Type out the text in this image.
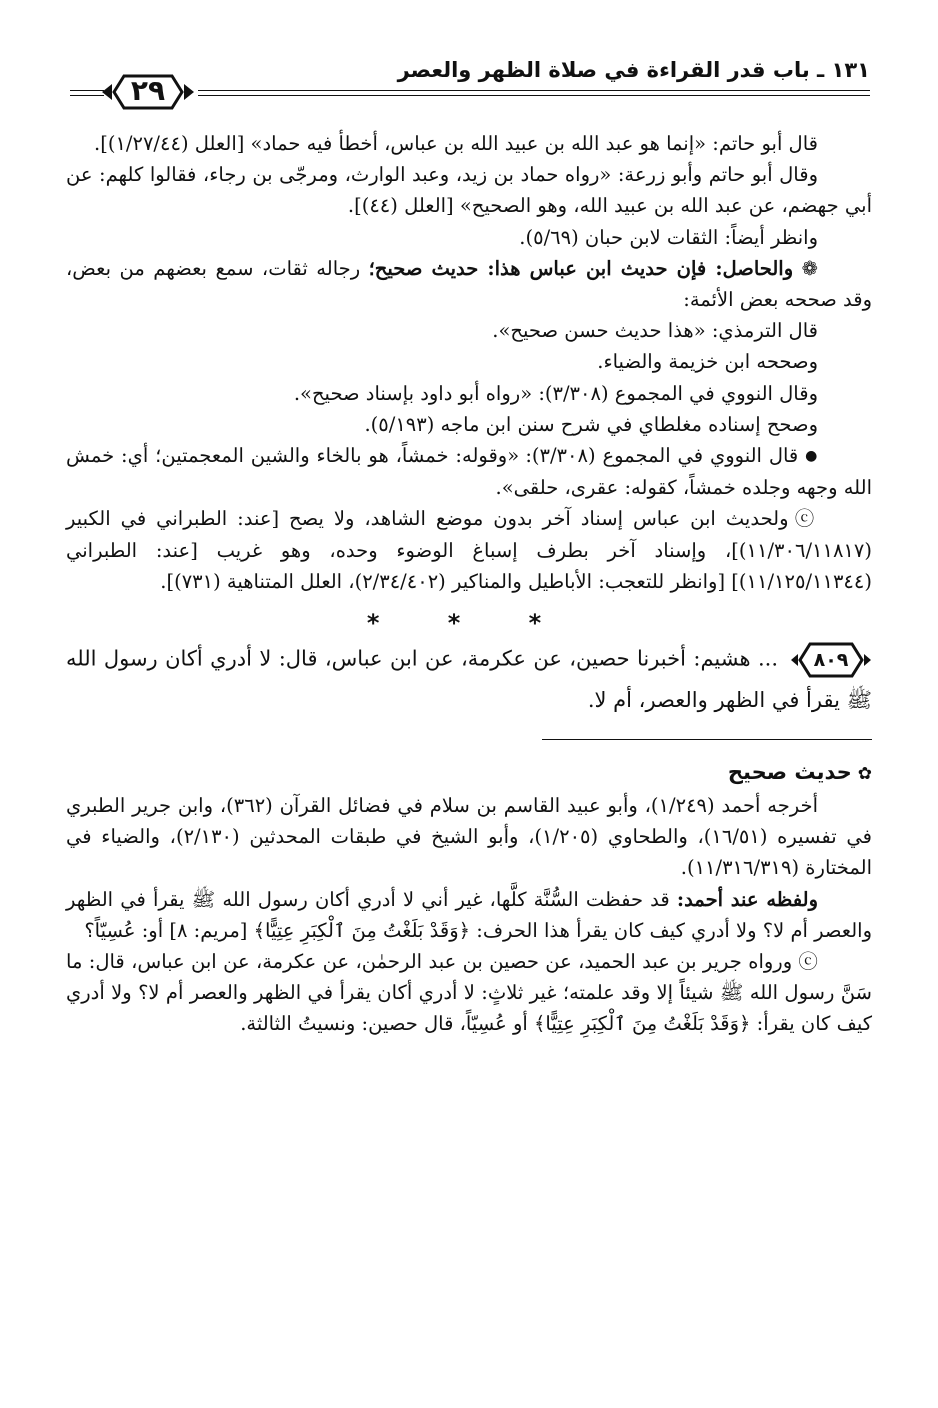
١٣١ ـ باب قدر القراءة في صلاة الظهر والعصر
٢٩

قال أبو حاتم: «إنما هو عبد الله بن عبيد الله بن عباس، أخطأ فيه حماد» [العلل (١/٢٧/٤٤)].

وقال أبو حاتم وأبو زرعة: «رواه حماد بن زيد، وعبد الوارث، ومرجّى بن رجاء، فقالوا كلهم: عن أبي جهضم، عن عبد الله بن عبيد الله، وهو الصحيح» [العلل (٤٤)].

وانظر أيضاً: الثقات لابن حبان (٥/٦٩).

❁ والحاصل: فإن حديث ابن عباس هذا: حديث صحيح؛ رجاله ثقات، سمع بعضهم من بعض، وقد صححه بعض الأئمة:

قال الترمذي: «هذا حديث حسن صحيح».

وصححه ابن خزيمة والضياء.

وقال النووي في المجموع (٣/٣٠٨): «رواه أبو داود بإسناد صحيح».

وصحح إسناده مغلطاي في شرح سنن ابن ماجه (٥/١٩٣).

● قال النووي في المجموع (٣/٣٠٨): «وقوله: خمشاً، هو بالخاء والشين المعجمتين؛ أي: خمش الله وجهه وجلده خمشاً، كقوله: عقرى، حلقى».

ⓒ ولحديث ابن عباس إسناد آخر بدون موضع الشاهد، ولا يصح [عند: الطبراني في الكبير (١١/٣٠٦/١١٨١٧)]، وإسناد آخر بطرف إسباغ الوضوء وحده، وهو غريب [عند: الطبراني (١١/١٢٥/١١٣٤٤)] [وانظر للتعجب: الأباطيل والمناكير (٢/٣٤/٤٠٢)، العلل المتناهية (٧٣١)].

* * *
٨٠٩
... هشيم: أخبرنا حصين، عن عكرمة، عن ابن عباس، قال: لا أدري أكان رسول الله ﷺ يقرأ في الظهر والعصر، أم لا.
✿حديث صحيح

أخرجه أحمد (١/٢٤٩)، وأبو عبيد القاسم بن سلام في فضائل القرآن (٣٦٢)، وابن جرير الطبري في تفسيره (١٦/٥١)، والطحاوي (١/٢٠٥)، وأبو الشيخ في طبقات المحدثين (٢/١٣٠)، والضياء في المختارة (١١/٣١٦/٣١٩).

ولفظه عند أحمد: قد حفظت السُّنَّة كلَّها، غير أني لا أدري أكان رسول الله ﷺ يقرأ في الظهر والعصر أم لا؟ ولا أدري كيف كان يقرأ هذا الحرف: ﴿وَقَدْ بَلَغْتُ مِنَ ٱلْكِبَرِ عِتِيًّا﴾ [مريم: ٨] أو: عُسِيّاً؟

ⓒ ورواه جرير بن عبد الحميد، عن حصين بن عبد الرحمٰن، عن عكرمة، عن ابن عباس، قال: ما سَنَّ رسول الله ﷺ شيئاً إلا وقد علمته؛ غير ثلاثٍ: لا أدري أكان يقرأ في الظهر والعصر أم لا؟ ولا أدري كيف كان يقرأ: ﴿وَقَدْ بَلَغْتُ مِنَ ٱلْكِبَرِ عِتِيًّا﴾ أو عُسِيّاً، قال حصين: ونسيتُ الثالثة.
